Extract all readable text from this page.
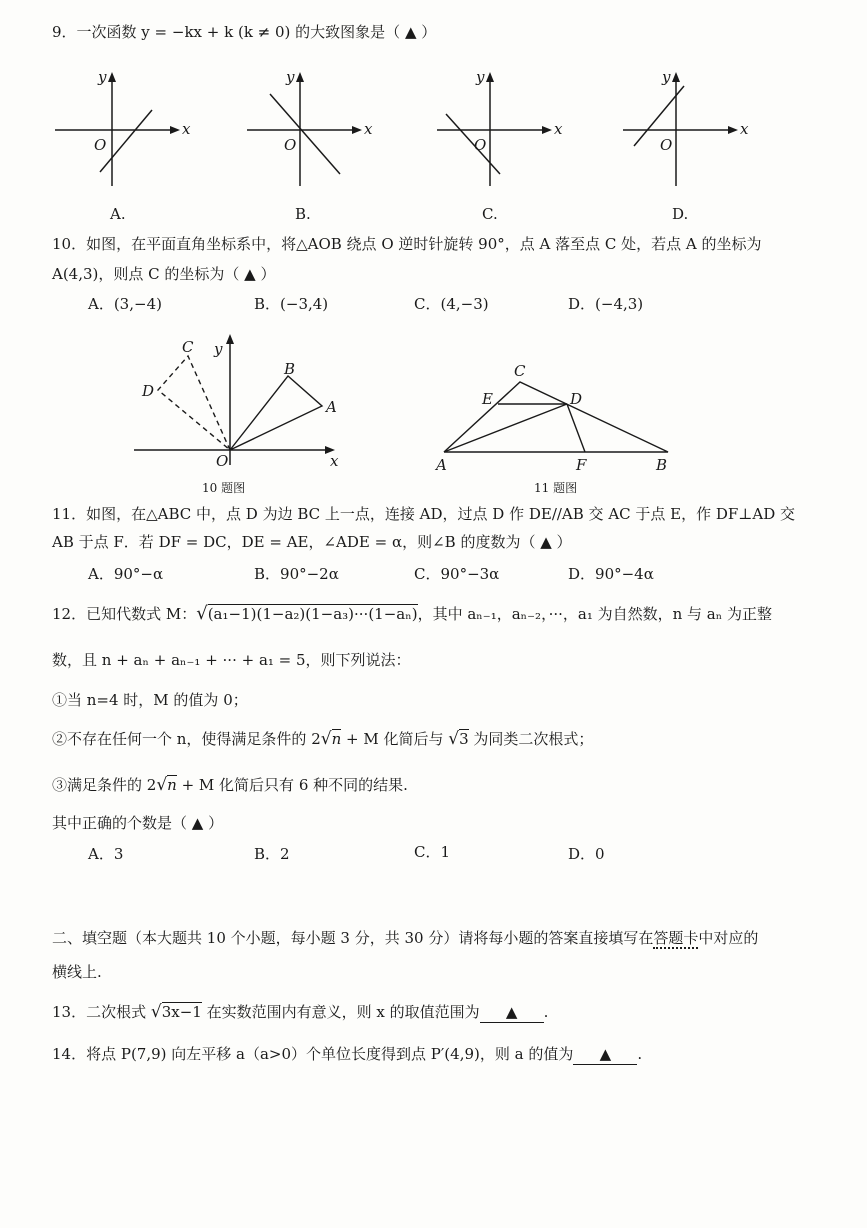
9．一次函数 y = −kx + k (k ≠ 0) 的大致图象是（ ▲ ）
x
y
O
x
y
O
x
y
O
x
y
O
A.	B.	C.	D.
10．如图，在平面直角坐标系中，将△AOB 绕点 O 逆时针旋转 90°，点 A 落至点 C 处，若点 A 的坐标为
A(4,3)，则点 C 的坐标为（ ▲ ）
A．(3,−4)	B．(−3,4)	C．(4,−3)	D．(−4,3)
C
D
B
A
O	x
y
10 题图
C
E	D
A	F	B
11 题图
11．如图，在△ABC 中，点 D 为边 BC 上一点，连接 AD，过点 D 作 DE//AB 交 AC 于点 E，作 DF⊥AD 交
AB 于点 F．若 DF = DC，DE = AE，∠ADE = α，则∠B 的度数为（ ▲ ）
A．90°−α	B．90°−2α	C．90°−3α	D．90°−4α
12．已知代数式 M：√(a₁−1)(1−a₂)(1−a₃)···(1−aₙ)，其中 aₙ₋₁，aₙ₋₂，···，a₁ 为自然数，n 与 aₙ 为正整
数，且 n + aₙ + aₙ₋₁ + ··· + a₁ = 5，则下列说法：
①当 n=4 时，M 的值为 0；
②不存在任何一个 n，使得满足条件的 2√n + M 化简后与 √3 为同类二次根式；
③满足条件的 2√n + M 化简后只有 6 种不同的结果.
其中正确的个数是（ ▲ ）
A．3	B．2	C．1	D．0
二、填空题（本大题共 10 个小题，每小题 3 分，共 30 分）请将每小题的答案直接填写在答题卡中对应的
横线上.
13．二次根式 √3x−1 在实数范围内有意义，则 x 的取值范围为 ▲ .
14．将点 P(7,9) 向左平移 a（a>0）个单位长度得到点 P′(4,9)，则 a 的值为 ▲ .
